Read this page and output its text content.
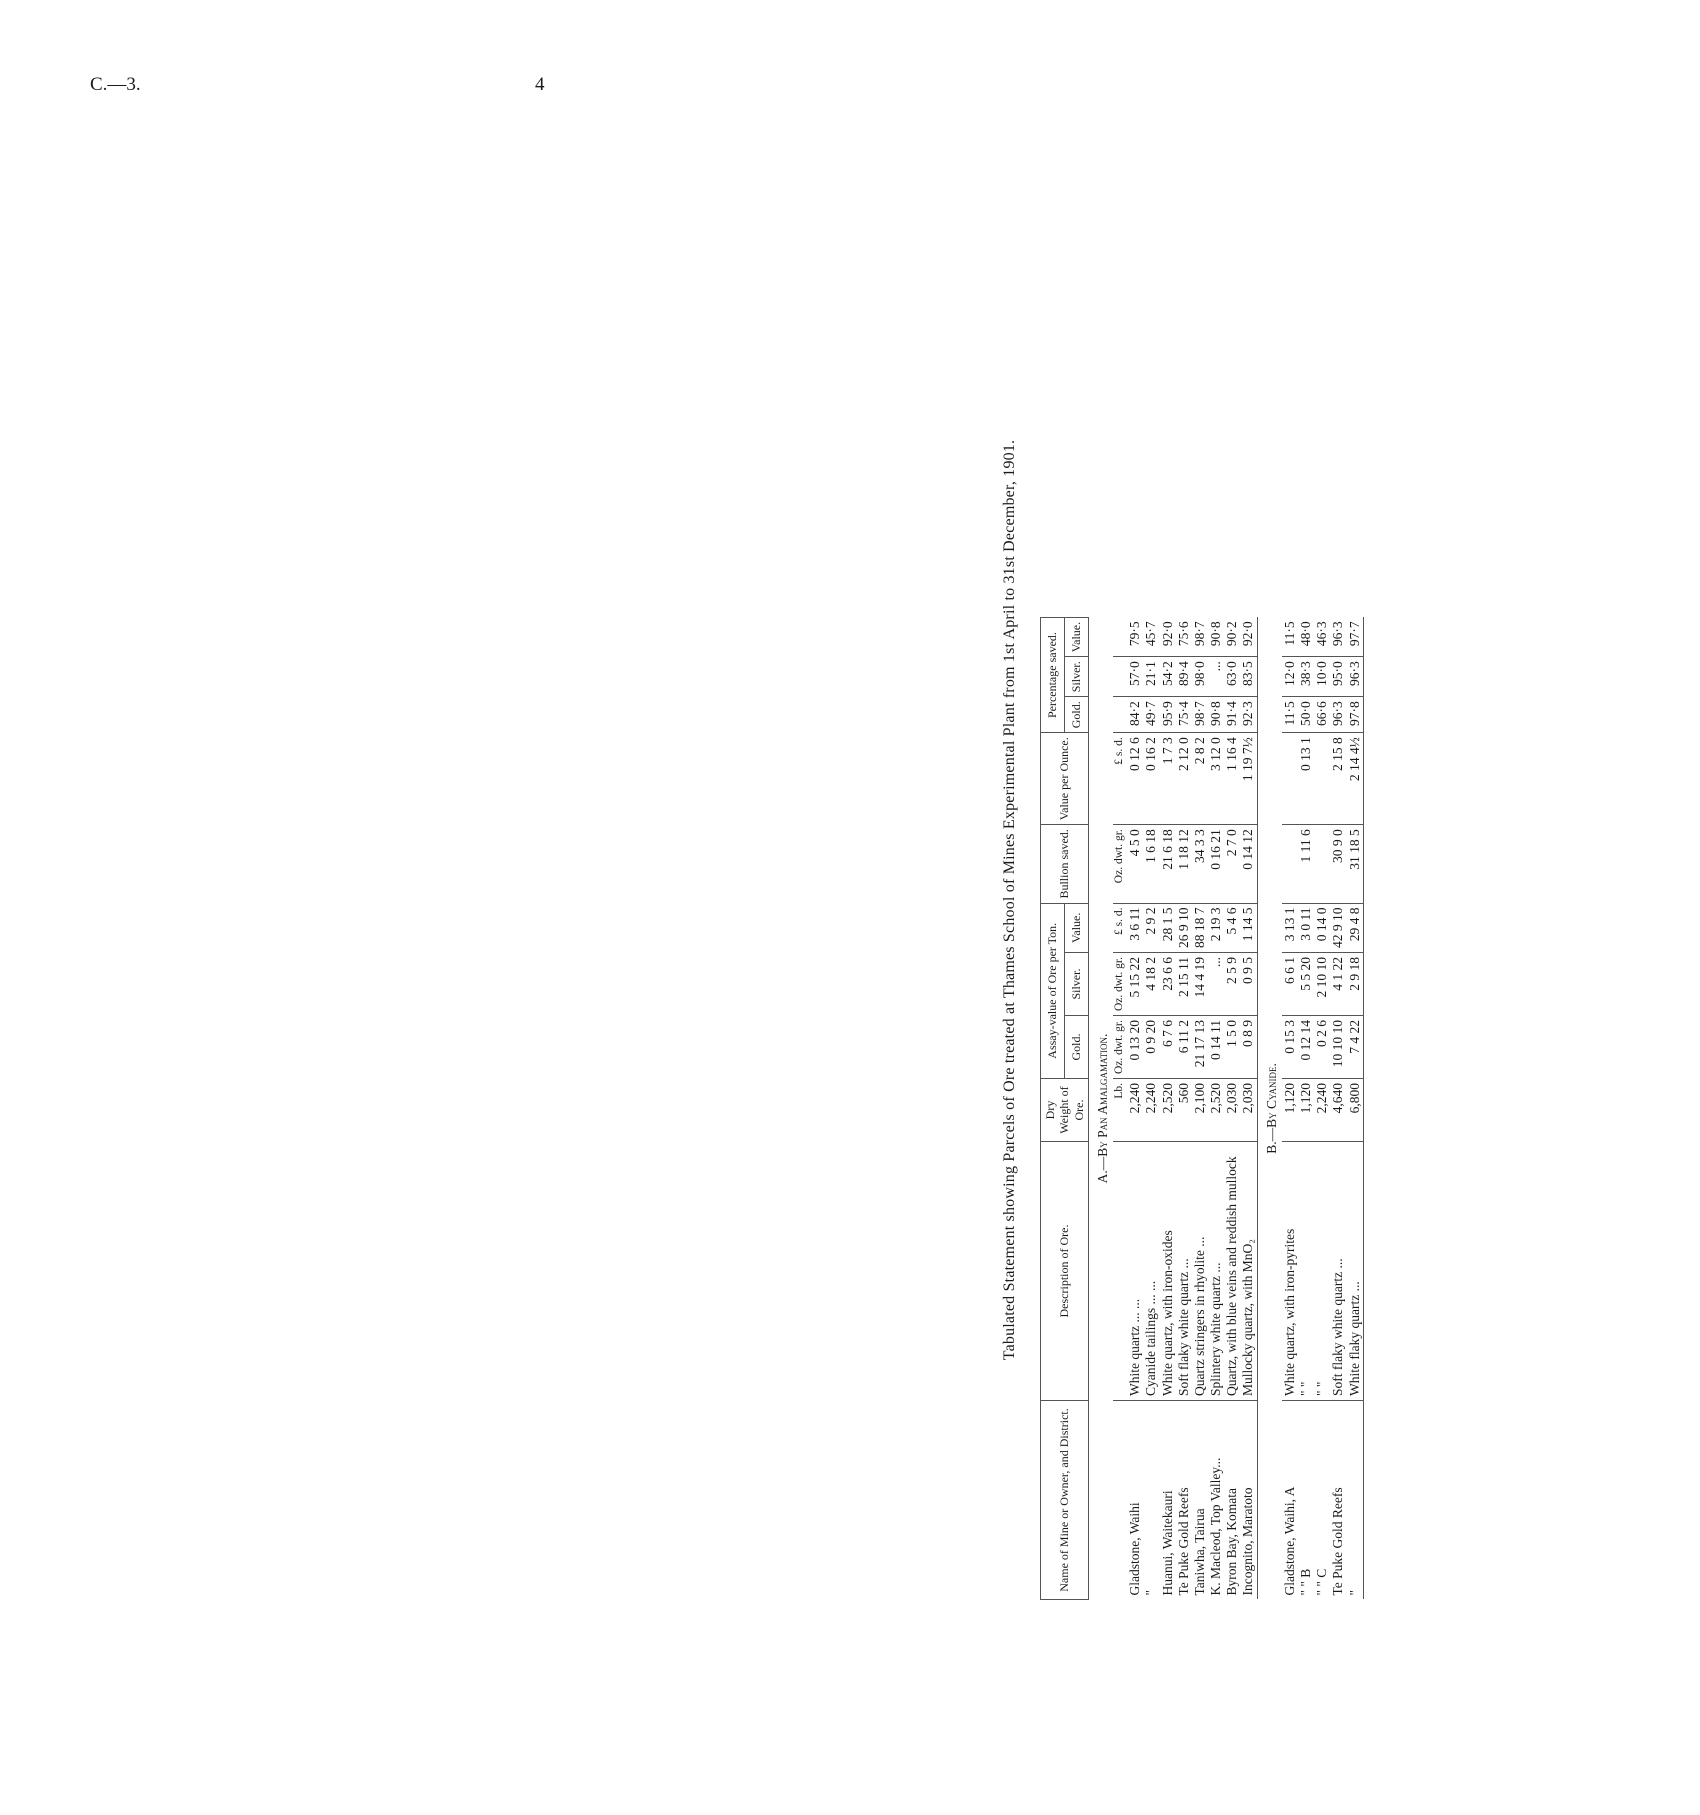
C.—3.	4
Tabulated Statement showing Parcels of Ore treated at Thames School of Mines Experimental Plant from 1st April to 31st December, 1901.
Name of Mine or Owner, and District.	Description of Ore.	Dry Weight of Ore.	Assay-value of Ore per Ton.			Bullion saved.	Value per Ounce.	Percentage saved.		
			Gold.	Silver.	Value.			Gold.	Silver.	Value.
A.—By Pan Amalgamation.										
		Lb.	Oz. dwt. gr.	Oz. dwt. gr.	£ s. d.	Oz. dwt. gr.	£ s. d.			
Gladstone, Waihi	White quartz ... ...	2,240	0 13 20	5 15 22	3 6 11	4 5 0	0 12 6	84·2	57·0	79·5
"	Cyanide tailings ... ...	2,240	0 9 20	4 18 2	2 9 2	1 6 18	0 16 2	49·7	21·1	45·7
Huanui, Waitekauri	White quartz, with iron-oxides	2,520	6 7 6	23 6 6	28 1 5	21 6 18	1 7 3	95·9	54·2	92·0
Te Puke Gold Reefs	Soft flaky white quartz ...	560	6 11 2	2 15 11	26 9 10	1 18 12	2 12 0	75·4	89·4	75·6
Taniwha, Tairua	Quartz stringers in rhyolite ...	2,100	21 17 13	14 4 19	88 18 7	34 3 3	2 8 2	98·7	98·0	98·7
K. Macleod, Top Valley...	Splintery white quartz ...	2,520	0 14 11	...	2 19 3	0 16 21	3 12 0	90·8	...	90·8
Byron Bay, Komata	Quartz, with blue veins and reddish mullock	2,030	1 5 0	2 5 9	5 4 6	2 7 0	1 16 4	91·4	63·0	90·2
Incognito, Maratoto	Mullocky quartz, with MnO₂	2,030	0 8 9	0 9 5	1 14 5	0 14 12	1 19 7½	92·3	83·5	92·0
B.—By Cyanide.										
Gladstone, Waihi, A	White quartz, with iron-pyrites	1,120	0 15 3	6 6 1	3 13 1			11·5	12·0	11·5
" " B	" "	1,120	0 12 14	5 5 20	3 0 11	1 11 6	0 13 1	50·0	38·3	48·0
" " C	" "	2,240	0 2 6	2 10 10	0 14 0			66·6	10·0	46·3
Te Puke Gold Reefs	Soft flaky white quartz ...	4,640	10 10 10	4 1 22	42 9 10	30 9 0	2 15 8	96·3	95·0	96·3
"	White flaky quartz ...	6,800	7 4 22	2 9 18	29 4 8	31 18 5	2 14 4½	97·8	96·3	97·7
